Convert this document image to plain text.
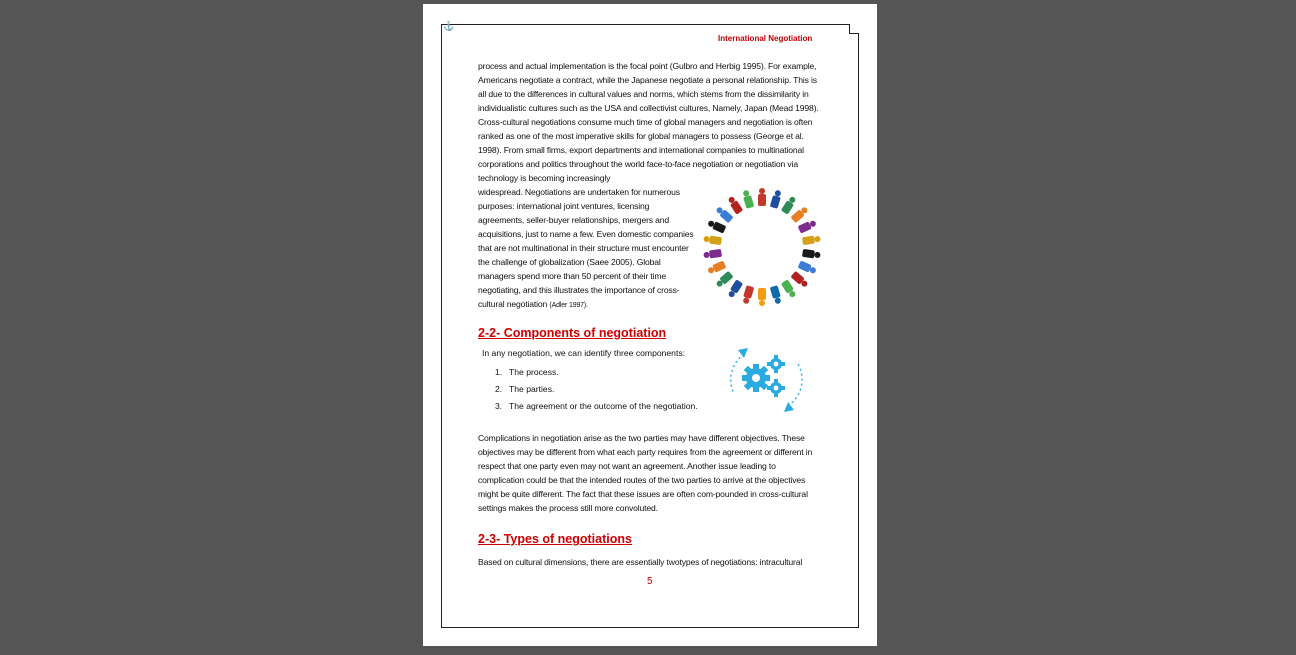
⚓
International Negotiation
process and actual implementation is the focal point (Gulbro and Herbig 1995). For example, Americans negotiate a contract, while the Japanese negotiate a personal relationship. This is all due to the differences in cultural values and norms, which stems from the dissimilarity in individualistic cultures such as the USA and collectivist cultures, Namely, Japan (Mead 1998). Cross-cultural negotiations consume much time of global managers and negotiation is often ranked as one of the most imperative skills for global managers to possess (George et al. 1998). From small firms, export departments and international companies to multinational corporations and politics throughout the world face-to-face negotiation or negotiation via technology is becoming increasingly
widespread. Negotiations are undertaken for numerous purposes: international joint ventures, licensing agreements, seller-buyer relationships, mergers and acquisitions, just to name a few. Even domestic companies that are not multinational in their structure must encounter the challenge of globalization (Saee 2005). Global managers spend more than 50 percent of their time negotiating, and this illustrates the importance of cross-cultural negotiation (Adler 1997).
2-2- Components of negotiation
In any negotiation, we can identify three components:
1. The process.
2. The parties.
3. The agreement or the outcome of the negotiation.
Complications in negotiation arise as the two parties may have different objectives. These objectives may be different from what each party requires from the agreement or different in respect that one party even may not want an agreement. Another issue leading to complication could be that the intended routes of the two parties to arrive at the objectives might be quite different. The fact that these issues are often com-pounded in cross-cultural settings makes the process still more convoluted.
2-3- Types of negotiations
Based on cultural dimensions, there are essentially twotypes of negotiations: intracultural
5
